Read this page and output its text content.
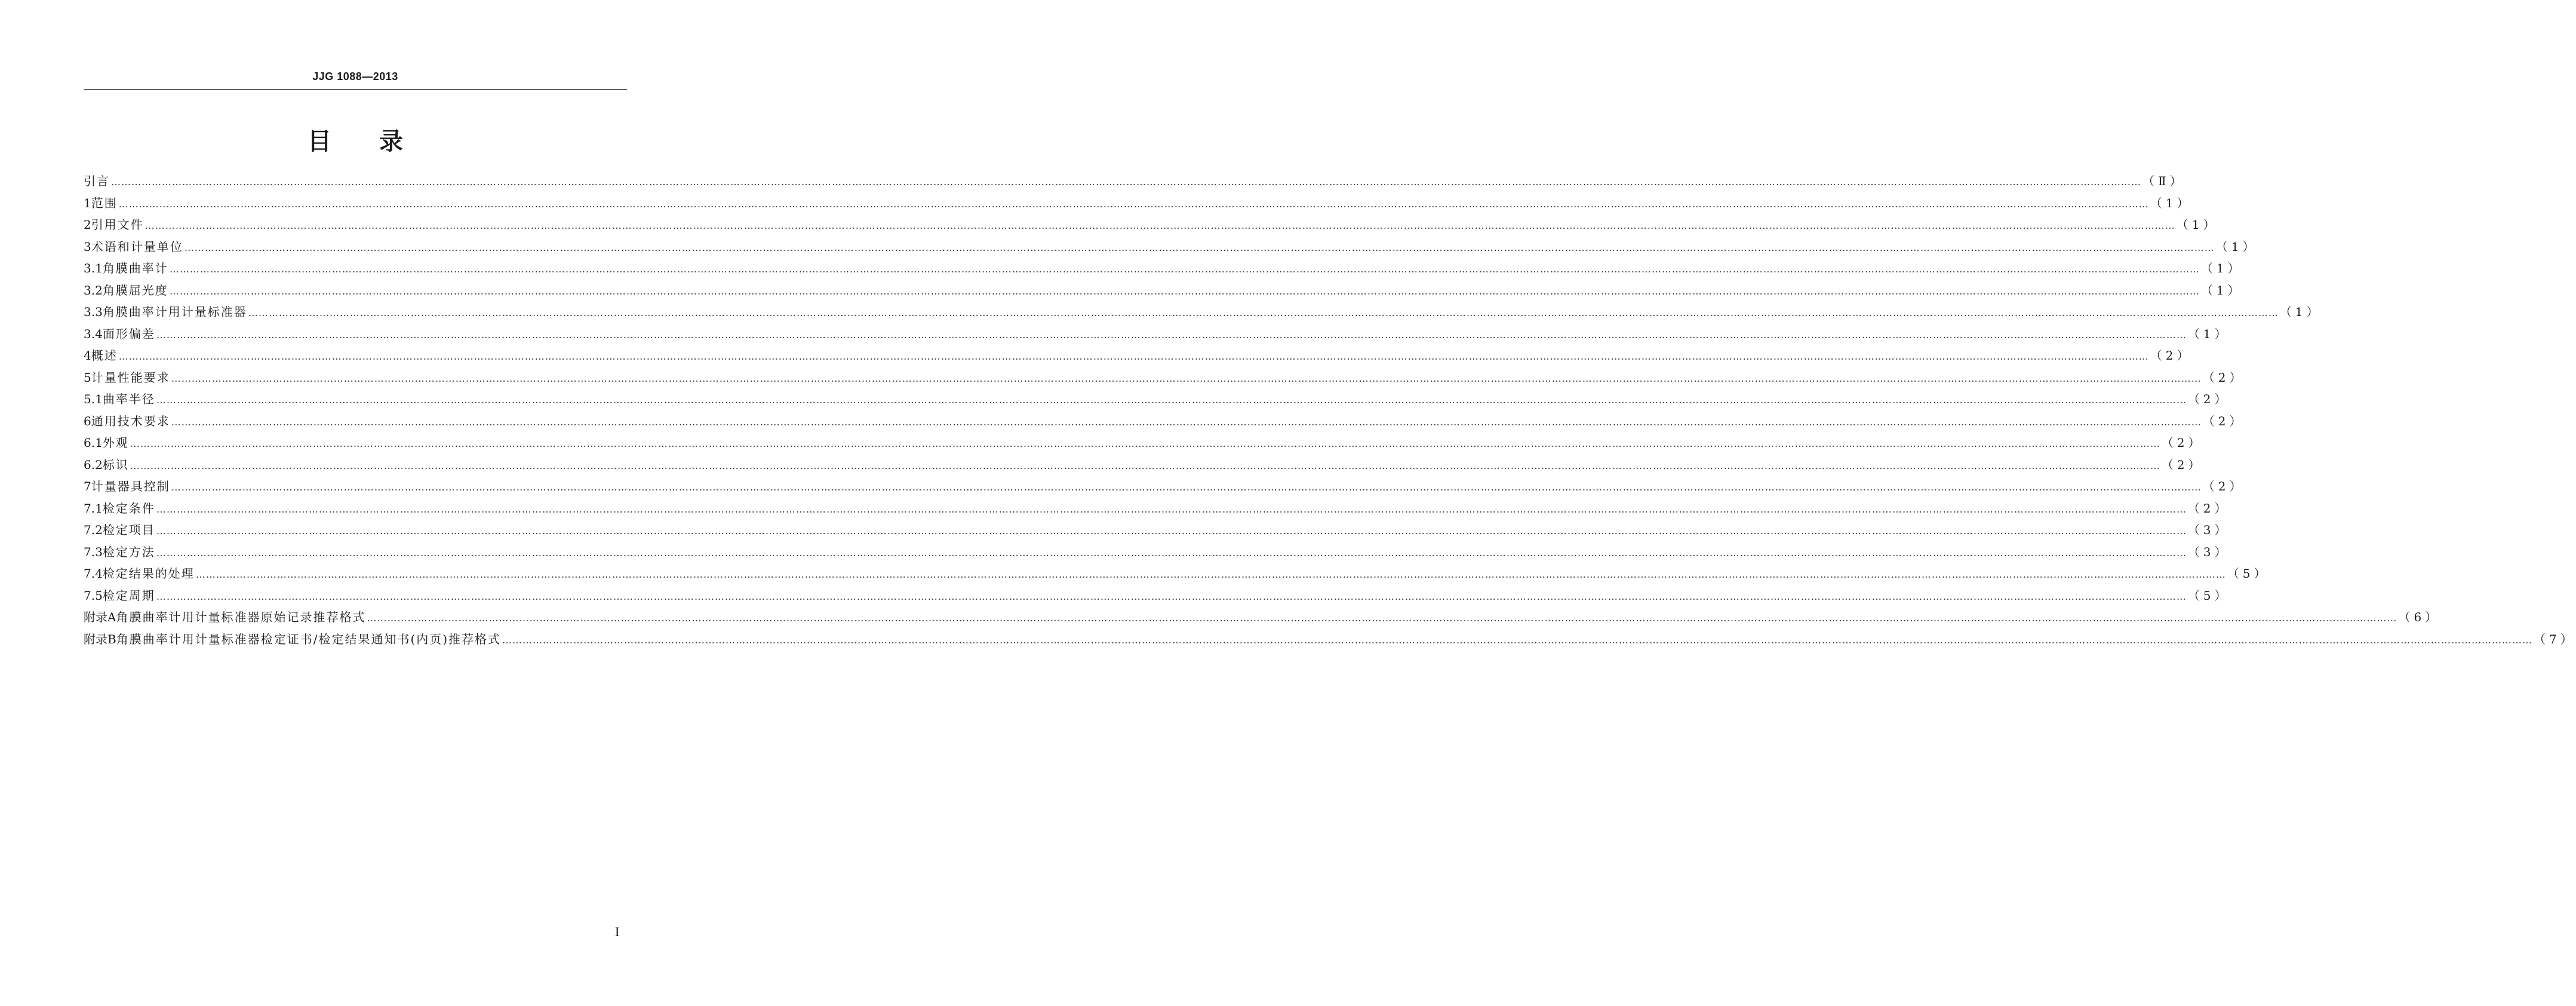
JJG 1088—2013
目录
引言 …………………………………………………………………………………………………………………………………………………………………………………………………………………………………………………………………………………………………………………………………………………………………………………………………………………………………………………………………………………………………………………………………………………… （Ⅱ）
1 范围 …………………………………………………………………………………………………………………………………………………………………………………………………………………………………………………………………………………………………………………………………………………………………………………………………………………………………………………………………………………………………………………………………………………… （1）
2 引用文件 …………………………………………………………………………………………………………………………………………………………………………………………………………………………………………………………………………………………………………………………………………………………………………………………………………………………………………………………………………………………………………………………………………………… （1）
3 术语和计量单位 …………………………………………………………………………………………………………………………………………………………………………………………………………………………………………………………………………………………………………………………………………………………………………………………………………………………………………………………………………………………………………………………………………………… （1）
3.1 角膜曲率计 …………………………………………………………………………………………………………………………………………………………………………………………………………………………………………………………………………………………………………………………………………………………………………………………………………………………………………………………………………………………………………………………………………………… （1）
3.2 角膜屈光度 …………………………………………………………………………………………………………………………………………………………………………………………………………………………………………………………………………………………………………………………………………………………………………………………………………………………………………………………………………………………………………………………………………………… （1）
3.3 角膜曲率计用计量标准器 …………………………………………………………………………………………………………………………………………………………………………………………………………………………………………………………………………………………………………………………………………………………………………………………………………………………………………………………………………………………………………………………………………………… （1）
3.4 面形偏差 …………………………………………………………………………………………………………………………………………………………………………………………………………………………………………………………………………………………………………………………………………………………………………………………………………………………………………………………………………………………………………………………………………………… （1）
4 概述 …………………………………………………………………………………………………………………………………………………………………………………………………………………………………………………………………………………………………………………………………………………………………………………………………………………………………………………………………………………………………………………………………………………… （2）
5 计量性能要求 …………………………………………………………………………………………………………………………………………………………………………………………………………………………………………………………………………………………………………………………………………………………………………………………………………………………………………………………………………………………………………………………………………………… （2）
5.1 曲率半径 …………………………………………………………………………………………………………………………………………………………………………………………………………………………………………………………………………………………………………………………………………………………………………………………………………………………………………………………………………………………………………………………………………………… （2）
6 通用技术要求 …………………………………………………………………………………………………………………………………………………………………………………………………………………………………………………………………………………………………………………………………………………………………………………………………………………………………………………………………………………………………………………………………………………… （2）
6.1 外观 …………………………………………………………………………………………………………………………………………………………………………………………………………………………………………………………………………………………………………………………………………………………………………………………………………………………………………………………………………………………………………………………………………………… （2）
6.2 标识 …………………………………………………………………………………………………………………………………………………………………………………………………………………………………………………………………………………………………………………………………………………………………………………………………………………………………………………………………………………………………………………………………………………… （2）
7 计量器具控制 …………………………………………………………………………………………………………………………………………………………………………………………………………………………………………………………………………………………………………………………………………………………………………………………………………………………………………………………………………………………………………………………………………………… （2）
7.1 检定条件 …………………………………………………………………………………………………………………………………………………………………………………………………………………………………………………………………………………………………………………………………………………………………………………………………………………………………………………………………………………………………………………………………………………… （2）
7.2 检定项目 …………………………………………………………………………………………………………………………………………………………………………………………………………………………………………………………………………………………………………………………………………………………………………………………………………………………………………………………………………………………………………………………………………………… （3）
7.3 检定方法 …………………………………………………………………………………………………………………………………………………………………………………………………………………………………………………………………………………………………………………………………………………………………………………………………………………………………………………………………………………………………………………………………………………… （3）
7.4 检定结果的处理 …………………………………………………………………………………………………………………………………………………………………………………………………………………………………………………………………………………………………………………………………………………………………………………………………………………………………………………………………………………………………………………………………………………… （5）
7.5 检定周期 …………………………………………………………………………………………………………………………………………………………………………………………………………………………………………………………………………………………………………………………………………………………………………………………………………………………………………………………………………………………………………………………………………………… （5）
附录A 角膜曲率计用计量标准器原始记录推荐格式 …………………………………………………………………………………………………………………………………………………………………………………………………………………………………………………………………………………………………………………………………………………………………………………………………………………………………………………………………………………………………………………………………………………… （6）
附录B 角膜曲率计用计量标准器检定证书/检定结果通知书(内页)推荐格式 …………………………………………………………………………………………………………………………………………………………………………………………………………………………………………………………………………………………………………………………………………………………………………………………………………………………………………………………………………………………………………………………………………………… （7）
I
